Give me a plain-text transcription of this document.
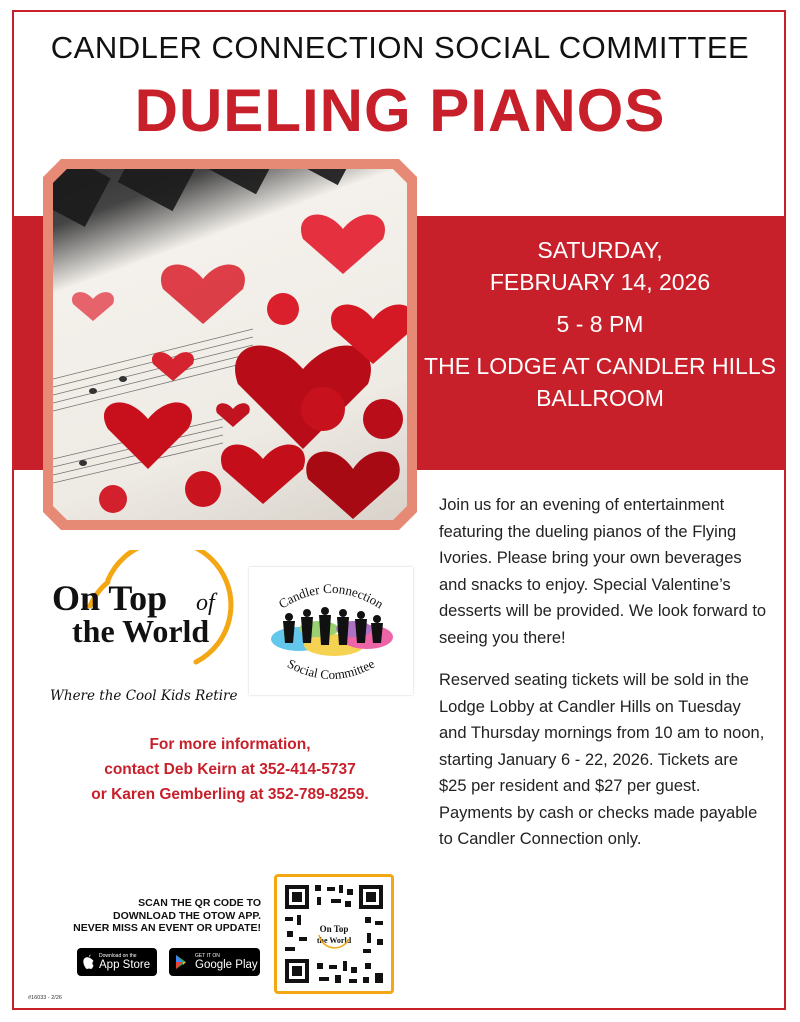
CANDLER CONNECTION SOCIAL COMMITTEE
DUELING PIANOS
SATURDAY,
FEBRUARY 14, 2026
5 - 8 PM
THE LODGE AT CANDLER HILLS
BALLROOM

Join us for an evening of entertainment featuring the dueling pianos of the Flying Ivories. Please bring your own beverages and snacks to enjoy. Special Valentine’s desserts will be provided. We look forward to seeing you there!

Reserved seating tickets will be sold in the Lodge Lobby at Candler Hills on Tuesday and Thursday mornings from 10 am to noon, starting January 6 - 22, 2026. Tickets are $25 per resident and $27 per guest. Payments by cash or checks made payable to Candler Connection only.

On Top of
the World
Where the Cool Kids Retire
Candler Connection
Social Committee
For more information,
contact Deb Keirn at 352-414-5737
or Karen Gemberling at 352-789-8259.
SCAN THE QR CODE TO
DOWNLOAD THE OTOW APP.
NEVER MISS AN EVENT OR UPDATE!
Download on the
App Store
GET IT ON
Google Play
On Top
the World
#16033 - 2/26
